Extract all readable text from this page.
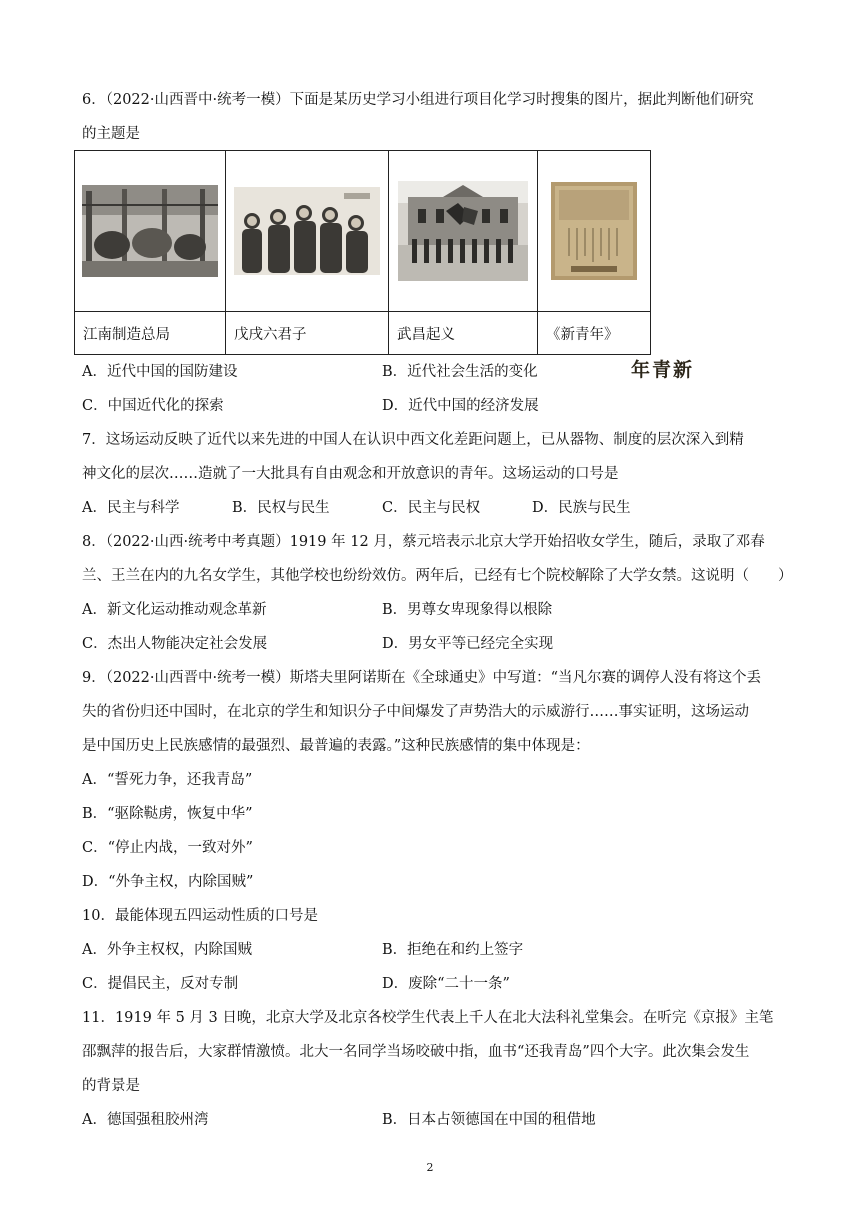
6．（2022·山西晋中·统考一模）下面是某历史学习小组进行项目化学习时搜集的图片，据此判断他们研究
的主题是

年青新

江南制造总局	戊戌六君子	武昌起义	《新青年》
A．近代中国的国防建设	B．近代社会生活的变化
C．中国近代化的探索	D．近代中国的经济发展
7．这场运动反映了近代以来先进的中国人在认识中西文化差距问题上，已从器物、制度的层次深入到精
神文化的层次……造就了一大批具有自由观念和开放意识的青年。这场运动的口号是
A．民主与科学	B．民权与民生	C．民主与民权	D．民族与民生
8．（2022·山西·统考中考真题）1919 年 12 月，蔡元培表示北京大学开始招收女学生，随后，录取了邓春
兰、王兰在内的九名女学生，其他学校也纷纷效仿。两年后，已经有七个院校解除了大学女禁。这说明（　　）
A．新文化运动推动观念革新	B．男尊女卑现象得以根除
C．杰出人物能决定社会发展	D．男女平等已经完全实现
9．（2022·山西晋中·统考一模）斯塔夫里阿诺斯在《全球通史》中写道：“当凡尔赛的调停人没有将这个丢
失的省份归还中国时，在北京的学生和知识分子中间爆发了声势浩大的示威游行……事实证明，这场运动
是中国历史上民族感情的最强烈、最普遍的表露。”这种民族感情的集中体现是：
A．“誓死力争，还我青岛”
B．“驱除鞑虏，恢复中华”
C．“停止内战，一致对外”
D．“外争主权，内除国贼”
10．最能体现五四运动性质的口号是
A．外争主权权，内除国贼	B．拒绝在和约上签字
C．提倡民主，反对专制	D．废除“二十一条”
11．1919 年 5 月 3 日晚，北京大学及北京各校学生代表上千人在北大法科礼堂集会。在听完《京报》主笔
邵飘萍的报告后，大家群情激愤。北大一名同学当场咬破中指，血书“还我青岛”四个大字。此次集会发生
的背景是
A．德国强租胶州湾	B．日本占领德国在中国的租借地
2
